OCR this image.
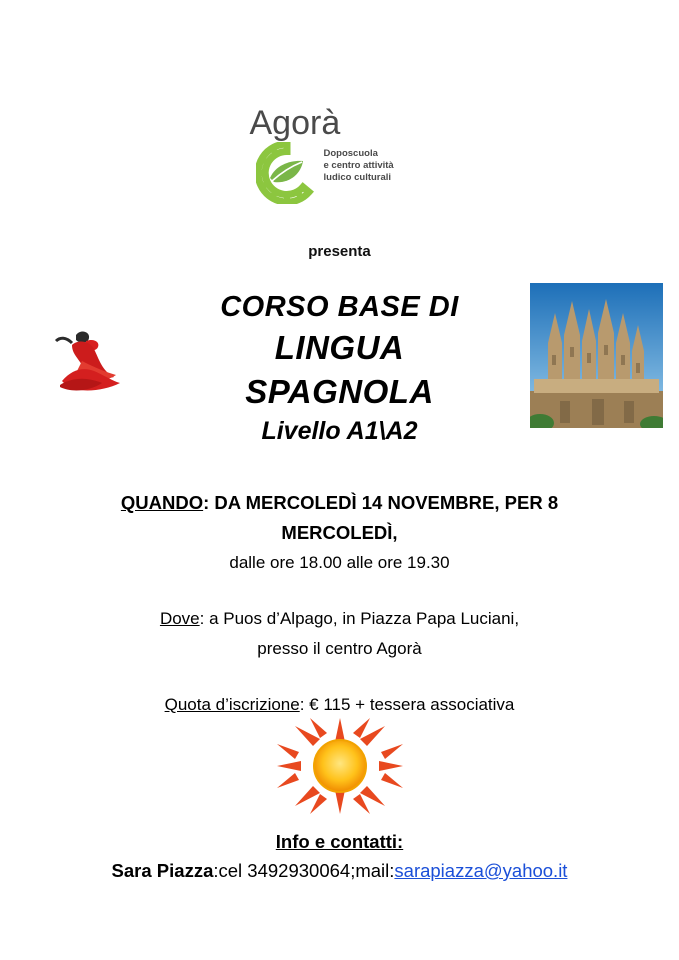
Agorà
Doposcuola
e centro attività
ludico culturali
presenta
CORSO BASE DI
LINGUA
SPAGNOLA
Livello A1\A2
QUANDO: DA MERCOLEDÌ 14 NOVEMBRE, PER 8
MERCOLEDÌ,
dalle ore 18.00 alle ore 19.30
Dove: a Puos d’Alpago, in Piazza Papa Luciani,
presso il centro Agorà
Quota d’iscrizione: € 115 + tessera associativa
Info e contatti:
Sara Piazza:cel 3492930064;mail:sarapiazza@yahoo.it
